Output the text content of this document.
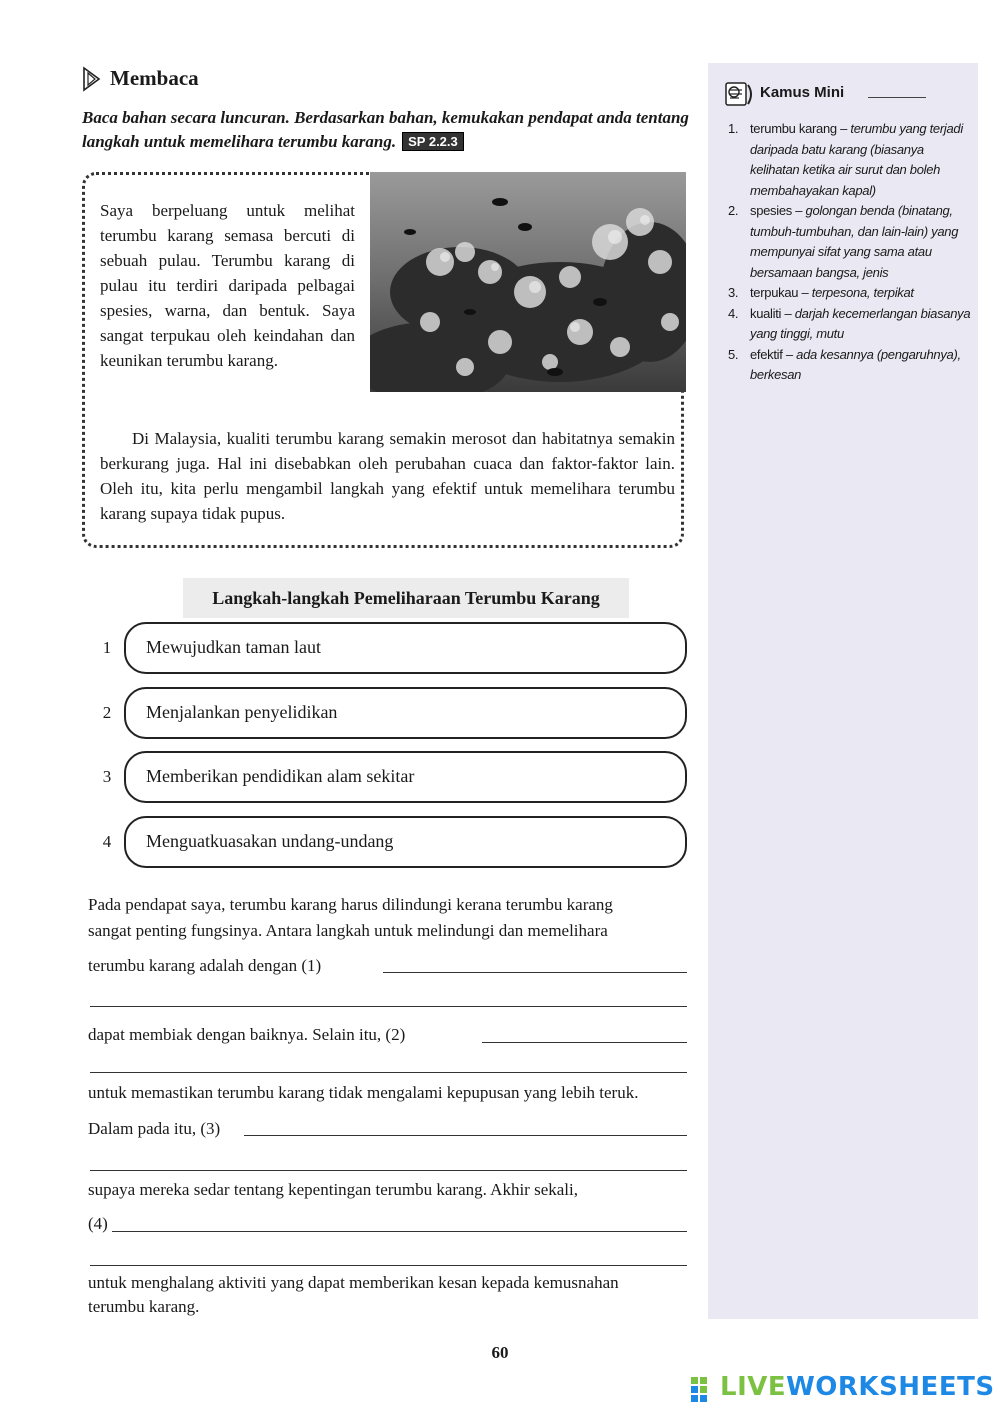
Membaca
Baca bahan secara luncuran. Berdasarkan bahan, kemukakan pendapat anda tentang langkah untuk memelihara terumbu karang. SP 2.2.3
Saya berpeluang untuk melihat terumbu karang semasa bercuti di sebuah pulau. Terumbu karang di pulau itu terdiri daripada pelbagai spesies, warna, dan bentuk. Saya sangat terpukau oleh keindahan dan keunikan terumbu karang.
Di Malaysia, kualiti terumbu karang semakin merosot dan habitatnya semakin berkurang juga. Hal ini disebabkan oleh perubahan cuaca dan faktor-faktor lain. Oleh itu, kita perlu mengambil langkah yang efektif untuk memelihara terumbu karang supaya tidak pupus.
Langkah-langkah Pemeliharaan Terumbu Karang
1 Mewujudkan taman laut
2 Menjalankan penyelidikan
3 Memberikan pendidikan alam sekitar
4 Menguatkuasakan undang-undang
Pada pendapat saya, terumbu karang harus dilindungi kerana terumbu karang
sangat penting fungsinya. Antara langkah untuk melindungi dan memelihara
terumbu karang adalah dengan (1)
dapat membiak dengan baiknya. Selain itu, (2)
untuk memastikan terumbu karang tidak mengalami kepupusan yang lebih teruk.
Dalam pada itu, (3)
supaya mereka sedar tentang kepentingan terumbu karang. Akhir sekali,
(4)
untuk menghalang aktiviti yang dapat memberikan kesan kepada kemusnahan
terumbu karang.
Kamus Mini
1. terumbu karang – terumbu yang terjadi daripada batu karang (biasanya kelihatan ketika air surut dan boleh membahayakan kapal)
2. spesies – golongan benda (binatang, tumbuh-tumbuhan, dan lain-lain) yang mempunyai sifat yang sama atau bersamaan bangsa, jenis
3. terpukau – terpesona, terpikat
4. kualiti – darjah kecemerlangan biasanya yang tinggi, mutu
5. efektif – ada kesannya (pengaruhnya), berkesan
60
LIVEWORKSHEETS
